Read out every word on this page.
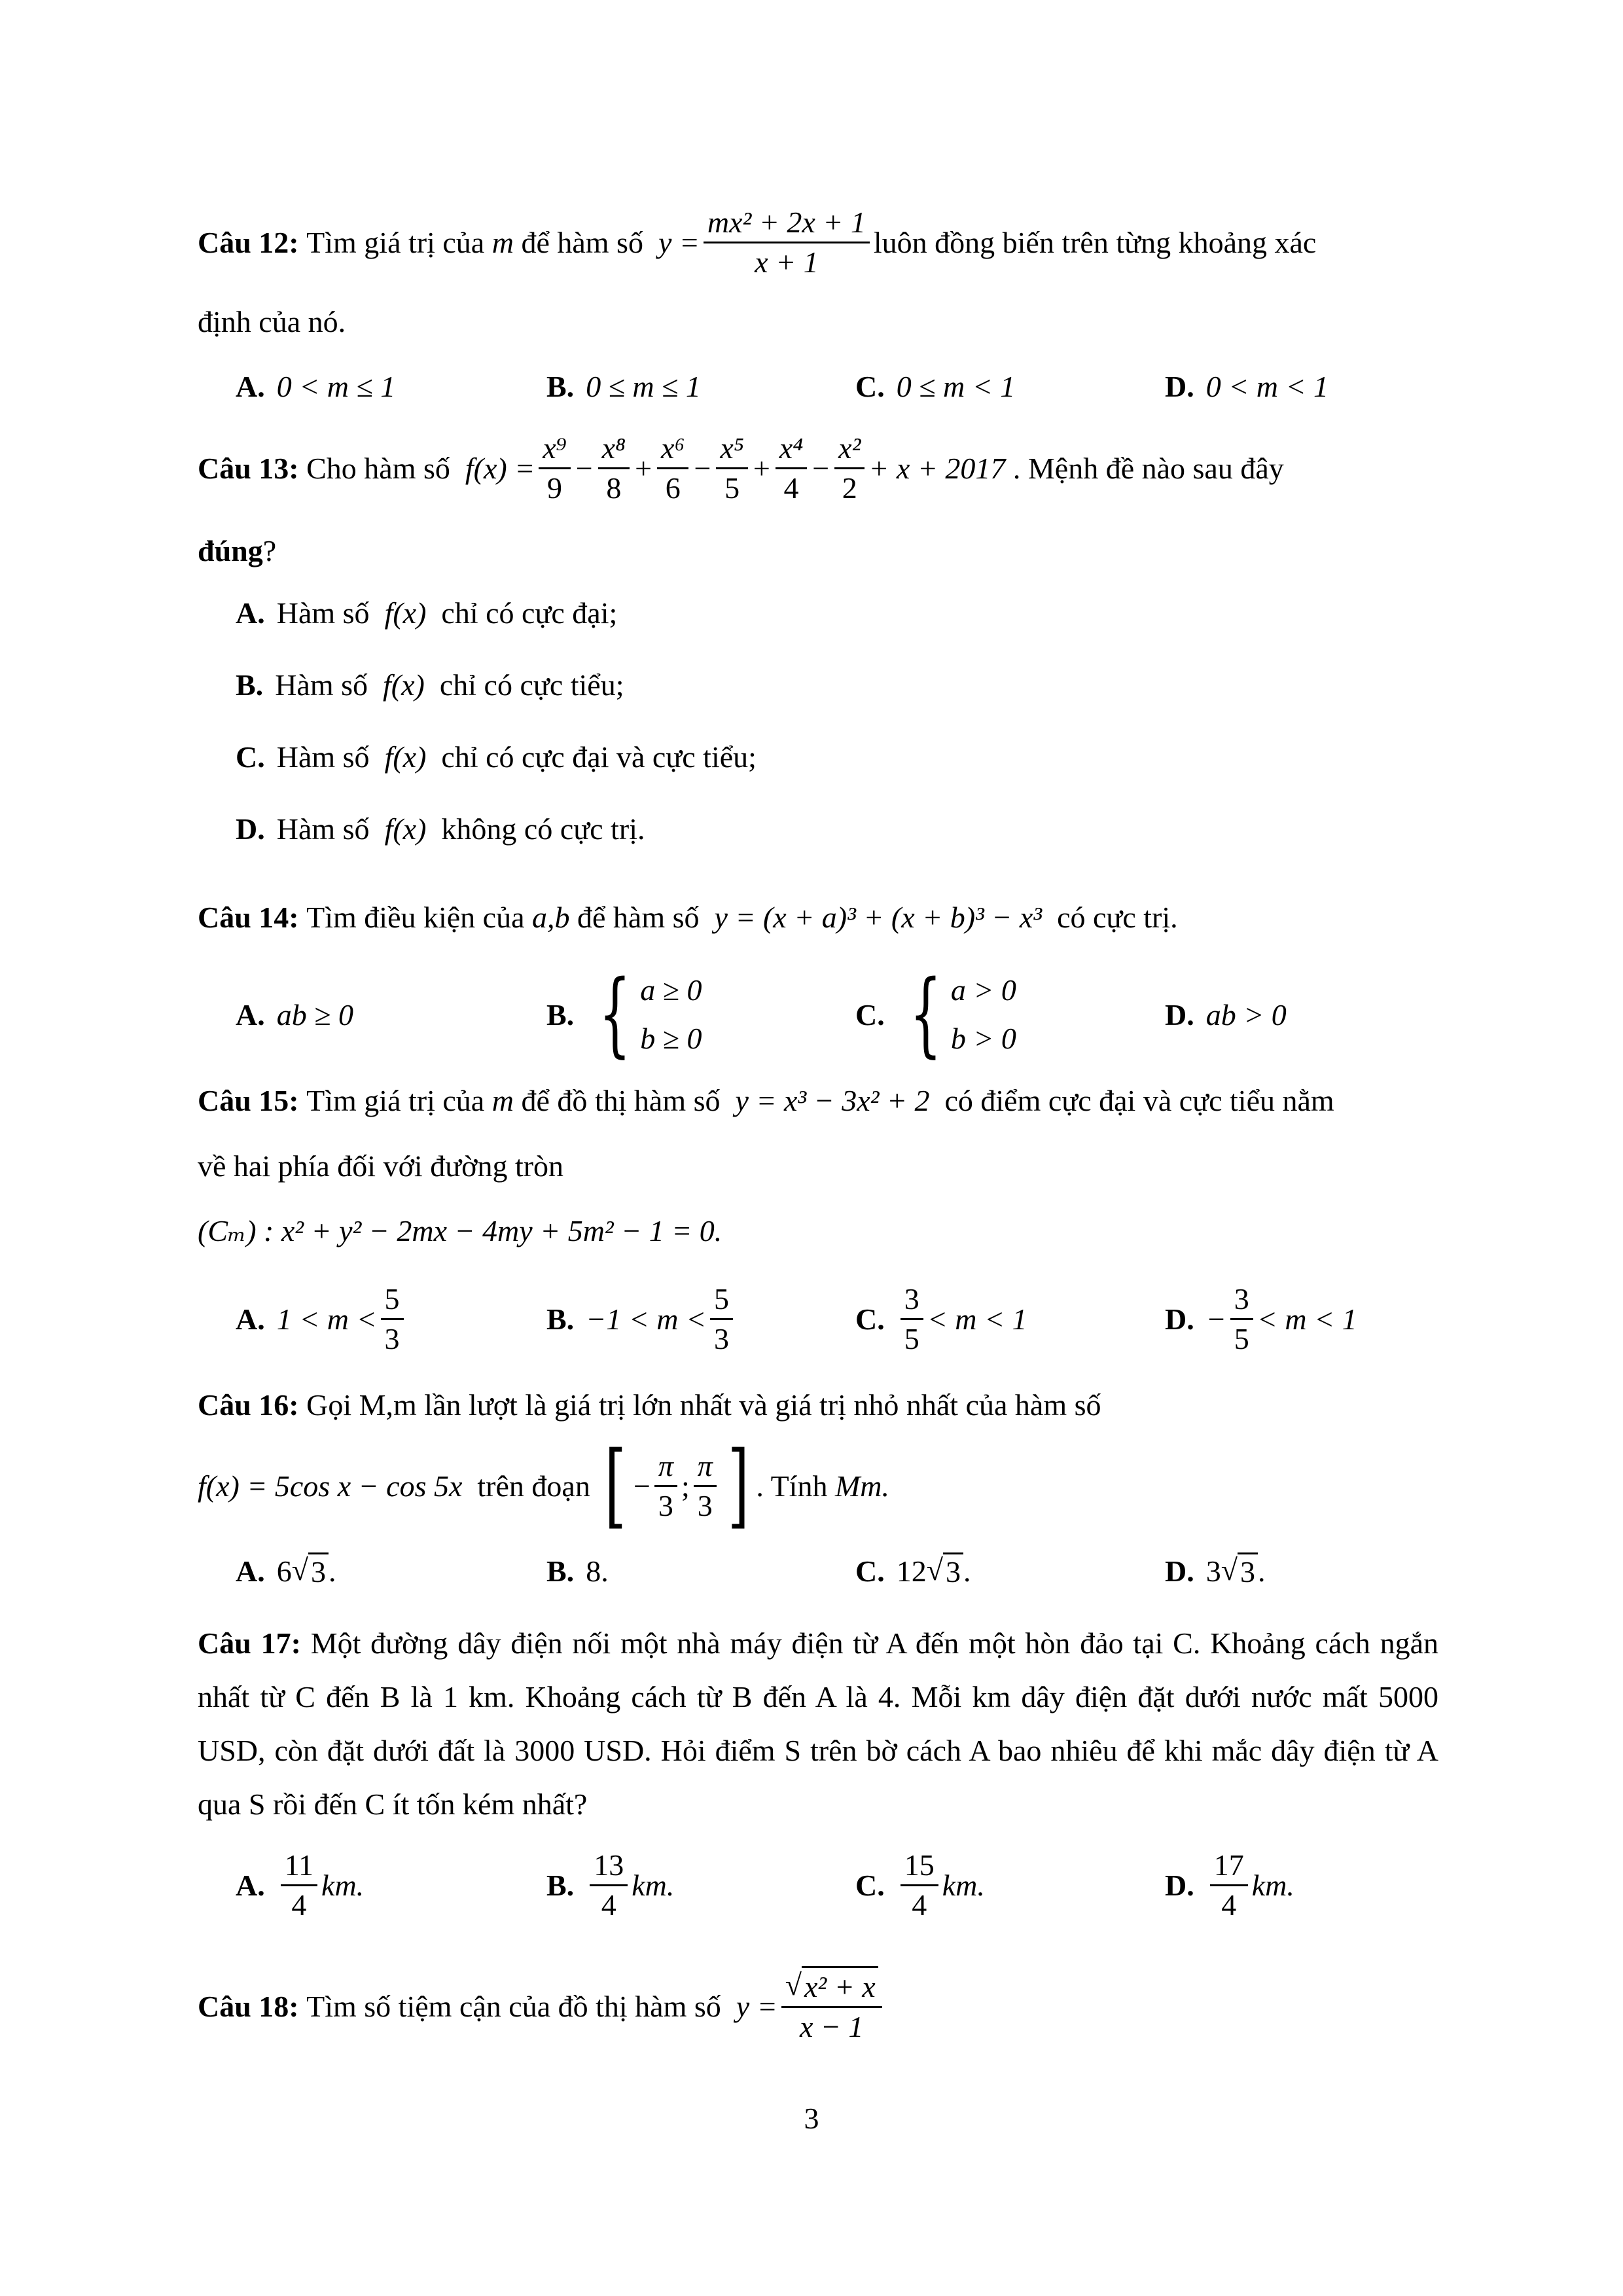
Câu 12:
Tìm giá trị của
m
để hàm số
$y = \frac{\text{mx² + 2x + 1}}{x + 1}$ luôn đồng biến trên từng khoảng xác
định của nó.
A. 0 < m ≤ 1	B. 0 ≤ m ≤ 1	C. 0 ≤ m < 1	D. 0 < m < 1
Câu 13:
Cho hàm số
$f(x) = \frac{\text{x⁹}}{9} - \frac{\text{x⁸}}{8} + \frac{\text{x⁶}}{6} - \frac{\text{x⁵}}{5} + \frac{\text{x⁴}}{4} - \frac{\text{x²}}{2} + x + 2017$
. Mệnh đề nào sau đây
đúng ?
A. Hàm số
f(x)
chỉ có cực đại;
B. Hàm số
f(x)
chỉ có cực tiểu;
C. Hàm số
f(x)
chỉ có cực đại và cực tiểu;
D. Hàm số
f(x)
không có cực trị.
Câu 14:
Tìm điều kiện của
a,b
để hàm số
y = (x + a)³ + (x + b)³ − x³
có cực trị.
A. ab ≥ 0	B. { a ≥ 0
b ≥ 0
C. { a > 0
b > 0
D. ab > 0
Câu 15:
Tìm giá trị của
m
để đồ thị hàm số
y = x³ − 3x² + 2
có điểm cực đại và cực tiểu nằm
về hai phía đối với đường tròn
(Cₘ) : x² + y² − 2mx − 4my + 5m² − 1 = 0.
A. $1 < m < \frac{5}{3}$	B. $-1 < m < \frac{5}{3}$	C. $\frac{3}{5} < m < 1$	D. − $\frac{3}{5} < m < 1$
Câu 16:
Gọi M,m lần lượt là giá trị lớn nhất và giá trị nhỏ nhất của hàm số
f(x) = 5cos x − cos 5x
trên đoạn
[ − $\frac{\pi}{3}$ ; $\frac{\pi}{3}$ ] . Tính
Mm.
A. 6 √ 3 .	B. 8.	C. 12 √ 3 .	D. 3 √ 3 .
Câu 17: Một đường dây điện nối một nhà máy điện từ A đến một hòn đảo tại C. Khoảng cách ngắn nhất từ C đến B là 1 km. Khoảng cách từ B đến A là 4. Mỗi km dây điện đặt dưới nước mất 5000 USD, còn đặt dưới đất là 3000 USD. Hỏi điểm S trên bờ cách A bao nhiêu để khi mắc dây điện từ A qua S rồi đến C ít tốn kém nhất?
A. $\frac{11}{4}$ km.	B. $\frac{13}{4}$ km.	C. $\frac{15}{4}$ km.	D. $\frac{17}{4}$ km.
Câu 18:
Tìm số tiệm cận của đồ thị hàm số
$y = \frac{\text{√ x² + x}}{x - 1}$
3
